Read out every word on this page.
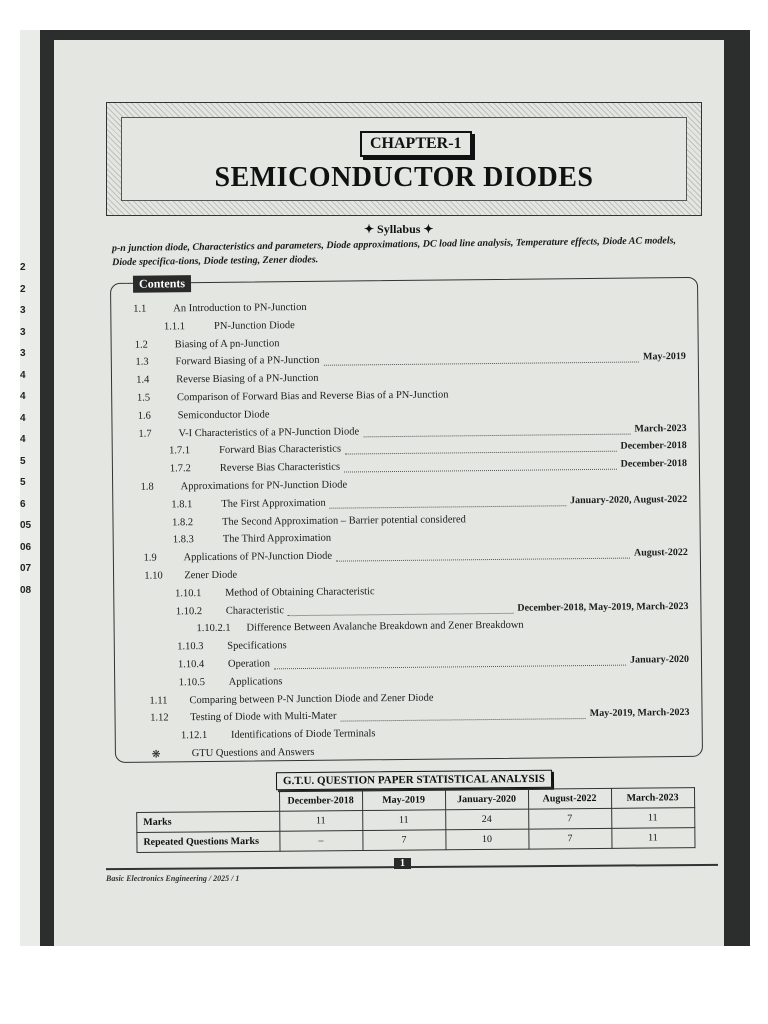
2
2
3
3
3
4
4
4
4
5
5
6
05
06
07
08
CHAPTER-1
SEMICONDUCTOR DIODES
✦ Syllabus ✦
p-n junction diode, Characteristics and parameters, Diode approximations, DC load line analysis, Temperature effects, Diode AC models, Diode specifica-tions, Diode testing, Zener diodes.
Contents
1.1	An Introduction to PN-Junction
1.1.1	PN-Junction Diode
1.2	Biasing of A pn-Junction
1.3	Forward Biasing of a PN-Junction	May-2019
1.4	Reverse Biasing of a PN-Junction
1.5	Comparison of Forward Bias and Reverse Bias of a PN-Junction
1.6	Semiconductor Diode
1.7	V-I Characteristics of a PN-Junction Diode	March-2023
1.7.1	Forward Bias Characteristics	December-2018
1.7.2	Reverse Bias Characteristics	December-2018
1.8	Approximations for PN-Junction Diode
1.8.1	The First Approximation	January-2020, August-2022
1.8.2	The Second Approximation – Barrier potential considered
1.8.3	The Third Approximation
1.9	Applications of PN-Junction Diode	August-2022
1.10 Zener Diode
1.10.1 Method of Obtaining Characteristic
1.10.2 Characteristic	December-2018, May-2019, March-2023
1.10.2.1 Difference Between Avalanche Breakdown and Zener Breakdown
1.10.3 Specifications
1.10.4 Operation	January-2020
1.10.5 Applications
1.11 Comparing between P-N Junction Diode and Zener Diode
1.12 Testing of Diode with Multi-Mater	May-2019, March-2023
1.12.1 Identifications of Diode Terminals
❋	GTU Questions and Answers
G.T.U. QUESTION PAPER STATISTICAL ANALYSIS
	December-2018	May-2019	January-2020	August-2022	March-2023
Marks	11	11	24	7	11
Repeated Questions Marks	–	7	10	7	11
1
Basic Electronics Engineering / 2025 / 1
